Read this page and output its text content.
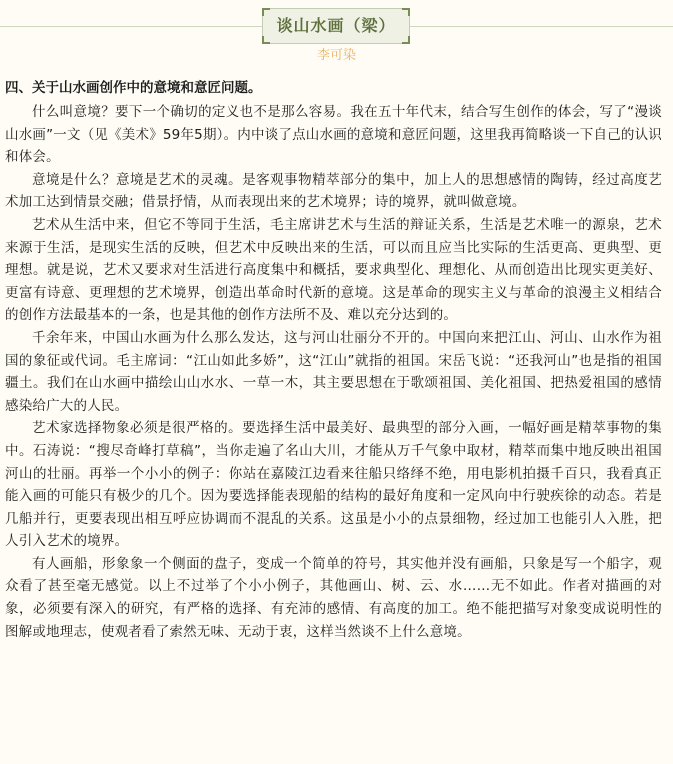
谈山水画（梁）
李可染
四、关于山水画创作中的意境和意匠问题。

什么叫意境？要下一个确切的定义也不是那么容易。我在五十年代末，结合写生创作的体会，写了“漫谈山水画”一文（见《美术》59年5期）。内中谈了点山水画的意境和意匠问题，这里我再简略谈一下自己的认识和体会。

意境是什么？意境是艺术的灵魂。是客观事物精萃部分的集中，加上人的思想感情的陶铸，经过高度艺术加工达到情景交融；借景抒情，从而表现出来的艺术境界；诗的境界，就叫做意境。

艺术从生活中来，但它不等同于生活，毛主席讲艺术与生活的辩证关系，生活是艺术唯一的源泉，艺术来源于生活，是现实生活的反映，但艺术中反映出来的生活，可以而且应当比实际的生活更高、更典型、更理想。就是说，艺术又要求对生活进行高度集中和概括，要求典型化、理想化、从而创造出比现实更美好、更富有诗意、更理想的艺术境界，创造出革命时代新的意境。这是革命的现实主义与革命的浪漫主义相结合的创作方法最基本的一条，也是其他的创作方法所不及、难以充分达到的。

千余年来，中国山水画为什么那么发达，这与河山壮丽分不开的。中国向来把江山、河山、山水作为祖国的象征或代词。毛主席词：“江山如此多娇”，这“江山”就指的祖国。宋岳飞说：“还我河山”也是指的祖国疆土。我们在山水画中描绘山山水水、一草一木，其主要思想在于歌颂祖国、美化祖国、把热爱祖国的感情感染给广大的人民。

艺术家选择物象必须是很严格的。要选择生活中最美好、最典型的部分入画，一幅好画是精萃事物的集中。石涛说：“搜尽奇峰打草稿”，当你走遍了名山大川，才能从万千气象中取材，精萃而集中地反映出祖国河山的壮丽。再举一个小小的例子：你站在嘉陵江边看来往船只络绎不绝，用电影机拍摄千百只，我看真正能入画的可能只有极少的几个。因为要选择能表现船的结构的最好角度和一定风向中行驶疾徐的动态。若是几船并行，更要表现出相互呼应协调而不混乱的关系。这虽是小小的点景细物，经过加工也能引人入胜，把人引入艺术的境界。

有人画船，形象象一个侧面的盘子，变成一个简单的符号，其实他并没有画船，只象是写一个船字，观众看了甚至毫无感觉。以上不过举了个小小例子，其他画山、树、云、水……无不如此。作者对描画的对象，必须要有深入的研究，有严格的选择、有充沛的感情、有高度的加工。绝不能把描写对象变成说明性的图解或地理志，使观者看了索然无味、无动于衷，这样当然谈不上什么意境。
